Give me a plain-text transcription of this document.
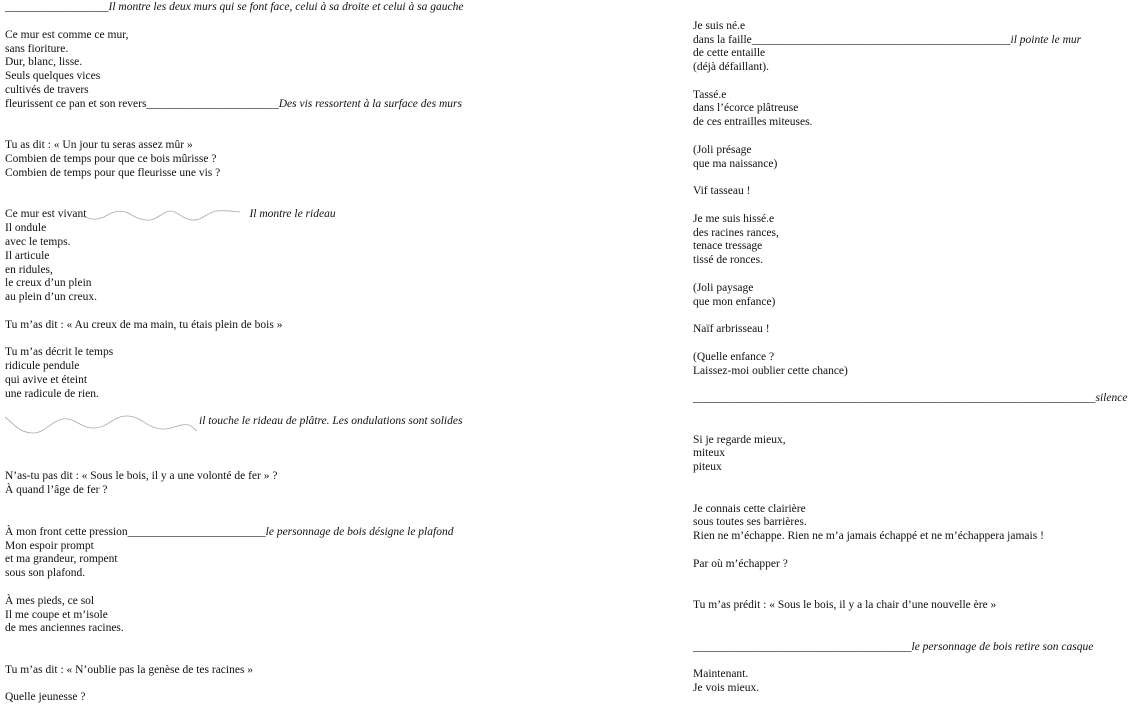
__________________Il montre les deux murs qui se font face, celui à sa droite et celui à sa gauche
Ce mur est comme ce mur,
sans fioriture.
Dur, blanc, lisse.
Seuls quelques vices
cultivés de travers
fleurissent ce pan et son revers_______________________Des vis ressortent à la surface des murs
Tu as dit : « Un jour tu seras assez mûr »
Combien de temps pour que ce bois mûrisse ?
Combien de temps pour que fleurisse une vis ?
Ce mur est vivant	Il montre le rideau
Il ondule
avec le temps.
Il articule
en ridules,
le creux d’un plein
au plein d’un creux.
Tu m’as dit : « Au creux de ma main, tu étais plein de bois »
Tu m’as décrit le temps
ridicule pendule
qui avive et éteint
une radicule de rien.
il touche le rideau de plâtre. Les ondulations sont solides
N’as-tu pas dit : « Sous le bois, il y a une volonté de fer » ?
À quand l’âge de fer ?
À mon front cette pression________________________le personnage de bois désigne le plafond
Mon espoir prompt
et ma grandeur, rompent
sous son plafond.
À mes pieds, ce sol
Il me coupe et m’isole
de mes anciennes racines.
Tu m’as dit : « N’oublie pas la genèse de tes racines »
Quelle jeunesse ?
Je suis né.e
dans la faille_____________________________________________il pointe le mur
de cette entaille
(déjà défaillant).
Tassé.e
dans l’écorce plâtreuse
de ces entrailles miteuses.
(Joli présage
que ma naissance)
Vif tasseau !
Je me suis hissé.e
des racines rances,
tenace tressage
tissé de ronces.
(Joli paysage
que mon enfance)
Naïf arbrisseau !
(Quelle enfance ?
Laissez-moi oublier cette chance)
______________________________________________________________________silence
Si je regarde mieux,
miteux
piteux
Je connais cette clairière
sous toutes ses barrières.
Rien ne m’échappe. Rien ne m’a jamais échappé et ne m’échappera jamais !
Par où m’échapper ?
Tu m’as prédit : « Sous le bois, il y a la chair d’une nouvelle ère »
______________________________________le personnage de bois retire son casque
Maintenant.
Je vois mieux.
